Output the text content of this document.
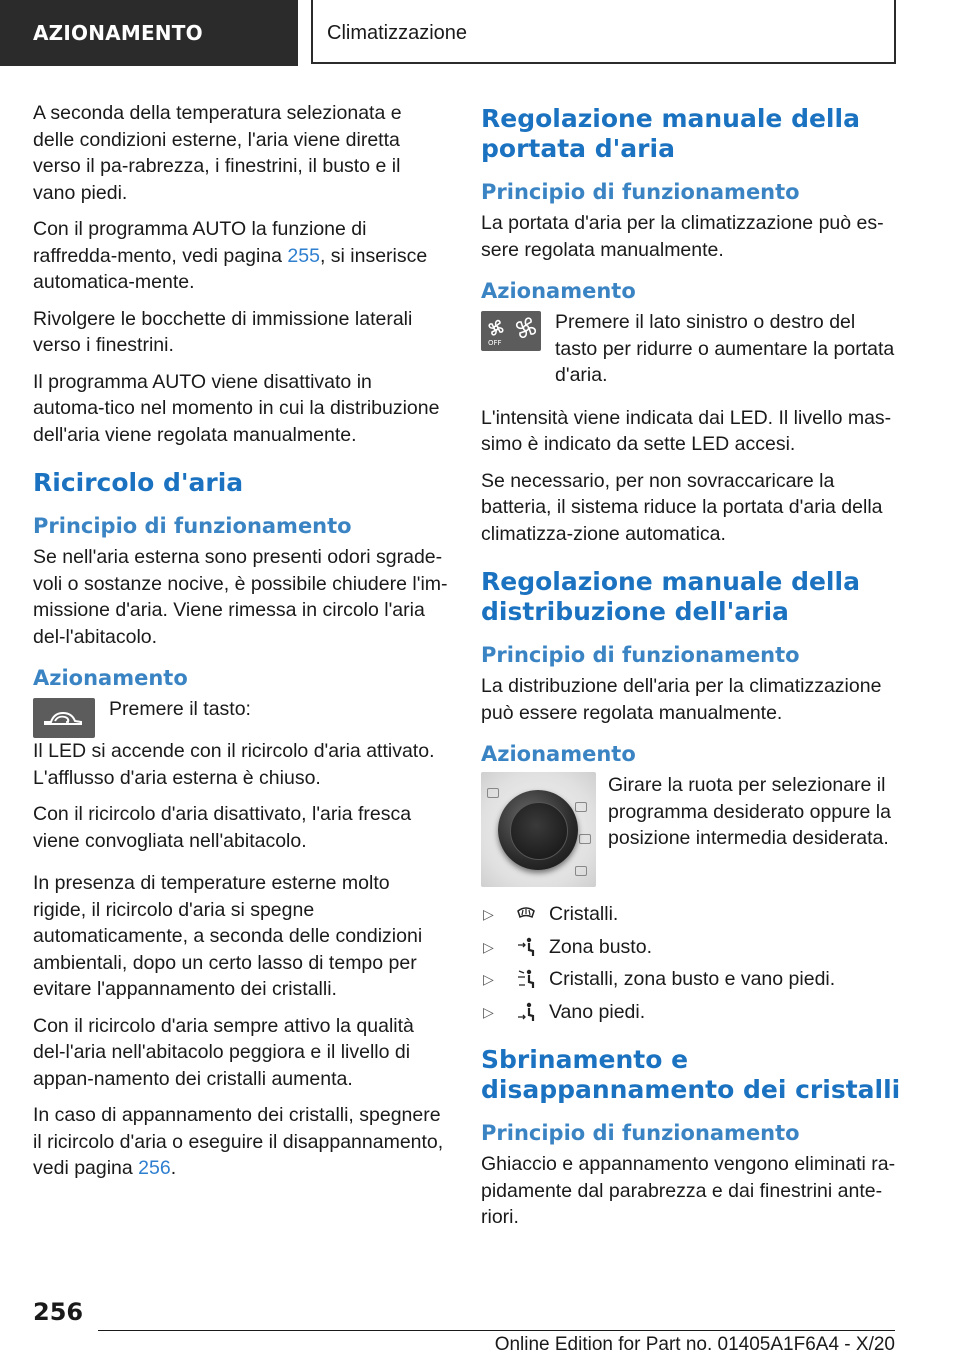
AZIONAMENTO	Climatizzazione

A seconda della temperatura selezionata e delle condizioni esterne, l'aria viene diretta verso il pa-rabrezza, i finestrini, il busto e il vano piedi.

Con il programma AUTO la funzione di raffredda-mento, vedi pagina 255, si inserisce automatica-mente.

Rivolgere le bocchette di immissione laterali verso i finestrini.

Il programma AUTO viene disattivato in automa-tico nel momento in cui la distribuzione dell'aria viene regolata manualmente.

Ricircolo d'aria
Principio di funzionamento

Se nell'aria esterna sono presenti odori sgrade-voli o sostanze nocive, è possibile chiudere l'im-missione d'aria. Viene rimessa in circolo l'aria del-l'abitacolo.

Azionamento

Premere il tasto:

Il LED si accende con il ricircolo d'aria attivato. L'afflusso d'aria esterna è chiuso.

Con il ricircolo d'aria disattivato, l'aria fresca viene convogliata nell'abitacolo.

In presenza di temperature esterne molto rigide, il ricircolo d'aria si spegne automaticamente, a seconda delle condizioni ambientali, dopo un certo lasso di tempo per evitare l'appannamento dei cristalli.

Con il ricircolo d'aria sempre attivo la qualità del-l'aria nell'abitacolo peggiora e il livello di appan-namento dei cristalli aumenta.

In caso di appannamento dei cristalli, spegnere il ricircolo d'aria o eseguire il disappannamento, vedi pagina 256.

Regolazione manuale della portata d'aria
Principio di funzionamento

La portata d'aria per la climatizzazione può es-sere regolata manualmente.

Azionamento
OFF

Premere il lato sinistro o destro del tasto per ridurre o aumentare la portata d'aria.

L'intensità viene indicata dai LED. Il livello mas-simo è indicato da sette LED accesi.

Se necessario, per non sovraccaricare la batteria, il sistema riduce la portata d'aria della climatizza-zione automatica.

Regolazione manuale della distribuzione dell'aria
Principio di funzionamento

La distribuzione dell'aria per la climatizzazione può essere regolata manualmente.

Azionamento

Girare la ruota per selezionare il programma desiderato oppure la posizione intermedia desiderata.

▷	Cristalli.
▷	Zona busto.
▷	Cristalli, zona busto e vano piedi.
▷	Vano piedi.
Sbrinamento e disappannamento dei cristalli
Principio di funzionamento

Ghiaccio e appannamento vengono eliminati ra-pidamente dal parabrezza e dai finestrini ante-riori.

256
Online Edition for Part no. 01405A1F6A4 - X/20
